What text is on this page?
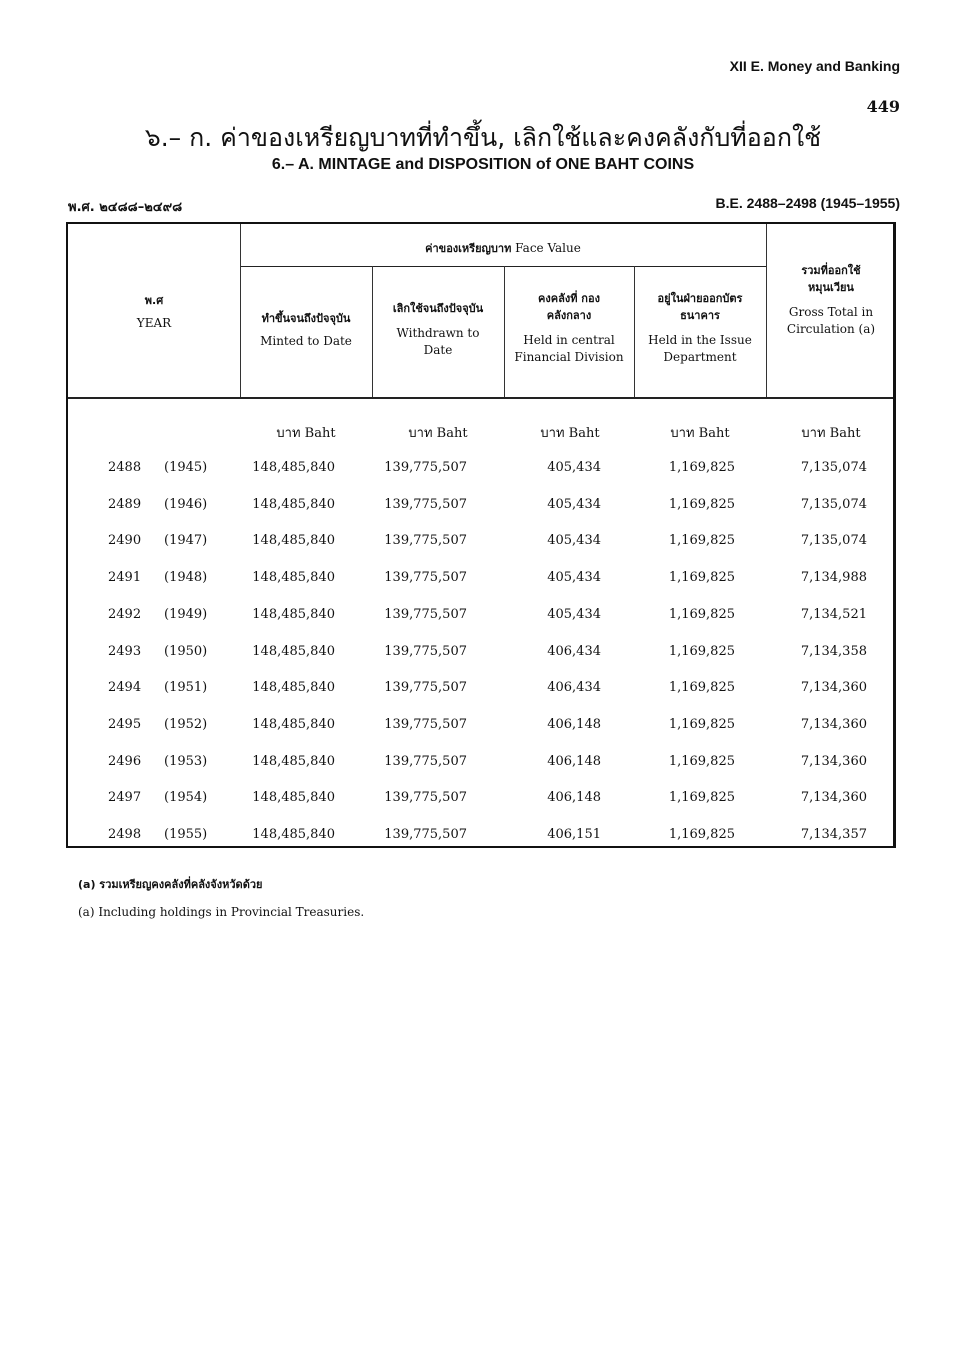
XII E. Money and Banking
449
๖.– ก. ค่าของเหรียญบาทที่ทำขึ้น, เลิกใช้และคงคลังกับที่ออกใช้
6.– A. MINTAGE and DISPOSITION of ONE BAHT COINS
พ.ศ. ๒๔๘๘–๒๔๙๘	B.E. 2488–2498 (1945–1955)
พ.ศ
YEAR
ค่าของเหรียญบาท Face Value
ทำขึ้นจนถึงปัจจุบัน
Minted to Date
เลิกใช้จนถึงปัจจุบัน
Withdrawn to Date
คงคลังที่ กองคลังกลาง
Held in central Financial Division
อยู่ในฝ่ายออกบัตร ธนาคาร
Held in the Issue Department
รวมที่ออกใช้ หมุนเวียน
Gross Total in Circulation (a)
บาท Baht	บาท Baht	บาท Baht	บาท Baht	บาท Baht
2488	(1945)	148,485,840	139,775,507	405,434	1,169,825	7,135,074
2489	(1946)	148,485,840	139,775,507	405,434	1,169,825	7,135,074
2490	(1947)	148,485,840	139,775,507	405,434	1,169,825	7,135,074
2491	(1948)	148,485,840	139,775,507	405,434	1,169,825	7,134,988
2492	(1949)	148,485,840	139,775,507	405,434	1,169,825	7,134,521
2493	(1950)	148,485,840	139,775,507	406,434	1,169,825	7,134,358
2494	(1951)	148,485,840	139,775,507	406,434	1,169,825	7,134,360
2495	(1952)	148,485,840	139,775,507	406,148	1,169,825	7,134,360
2496	(1953)	148,485,840	139,775,507	406,148	1,169,825	7,134,360
2497	(1954)	148,485,840	139,775,507	406,148	1,169,825	7,134,360
2498	(1955)	148,485,840	139,775,507	406,151	1,169,825	7,134,357
(a) รวมเหรียญคงคลังที่คลังจังหวัดด้วย
(a) Including holdings in Provincial Treasuries.
